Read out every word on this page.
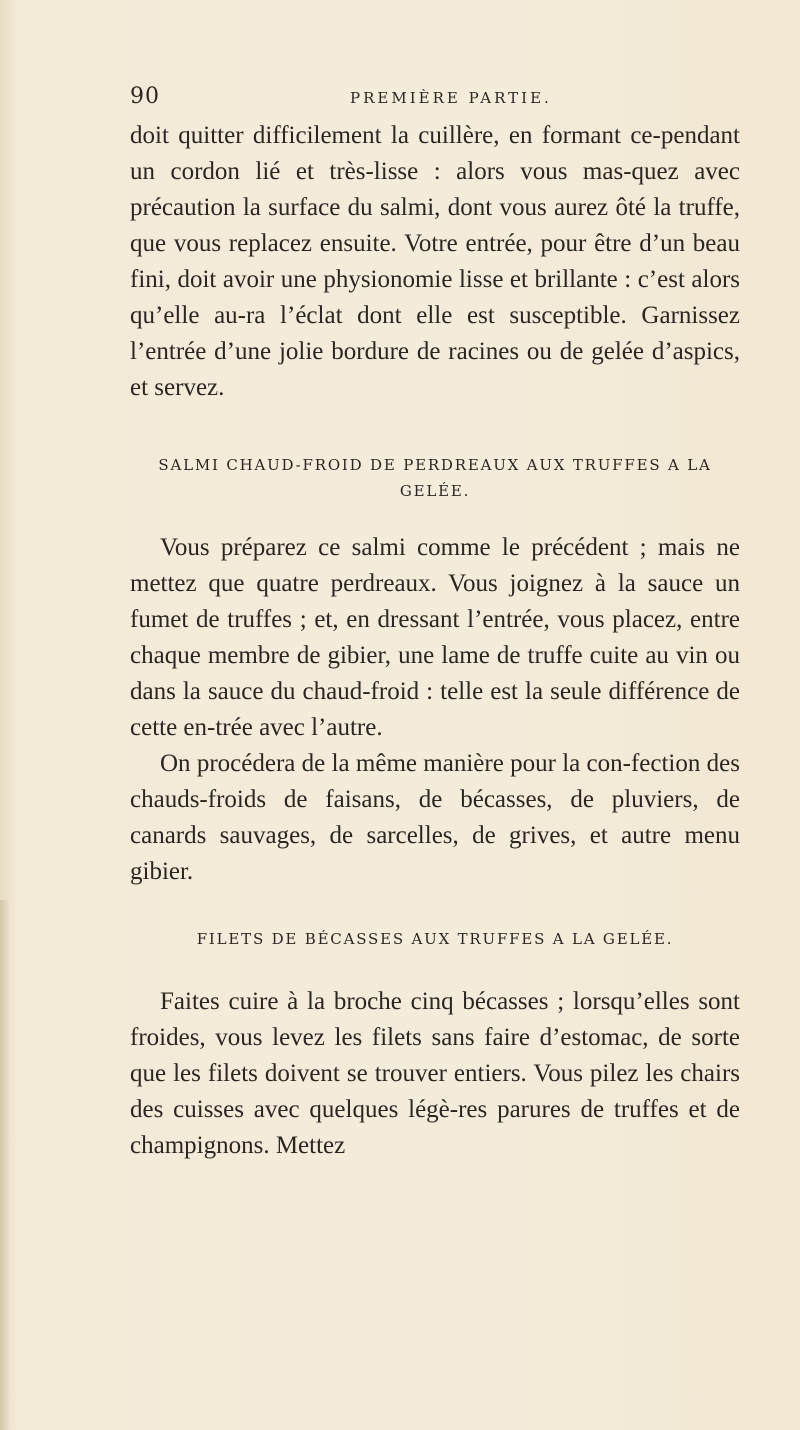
90	PREMIÈRE PARTIE.

doit quitter difficilement la cuillère, en formant ce-pendant un cordon lié et très-lisse : alors vous mas-quez avec précaution la surface du salmi, dont vous aurez ôté la truffe, que vous replacez ensuite. Votre entrée, pour être d’un beau fini, doit avoir une physionomie lisse et brillante : c’est alors qu’elle au-ra l’éclat dont elle est susceptible. Garnissez l’entrée d’une jolie bordure de racines ou de gelée d’aspics, et servez.

SALMI CHAUD-FROID DE PERDREAUX AUX TRUFFES A LA GELÉE.

Vous préparez ce salmi comme le précédent ; mais ne mettez que quatre perdreaux. Vous joignez à la sauce un fumet de truffes ; et, en dressant l’entrée, vous placez, entre chaque membre de gibier, une lame de truffe cuite au vin ou dans la sauce du chaud-froid : telle est la seule différence de cette en-trée avec l’autre.

On procédera de la même manière pour la con-fection des chauds-froids de faisans, de bécasses, de pluviers, de canards sauvages, de sarcelles, de grives, et autre menu gibier.

FILETS DE BÉCASSES AUX TRUFFES A LA GELÉE.

Faites cuire à la broche cinq bécasses ; lorsqu’elles sont froides, vous levez les filets sans faire d’estomac, de sorte que les filets doivent se trouver entiers. Vous pilez les chairs des cuisses avec quelques légè-res parures de truffes et de champignons. Mettez
